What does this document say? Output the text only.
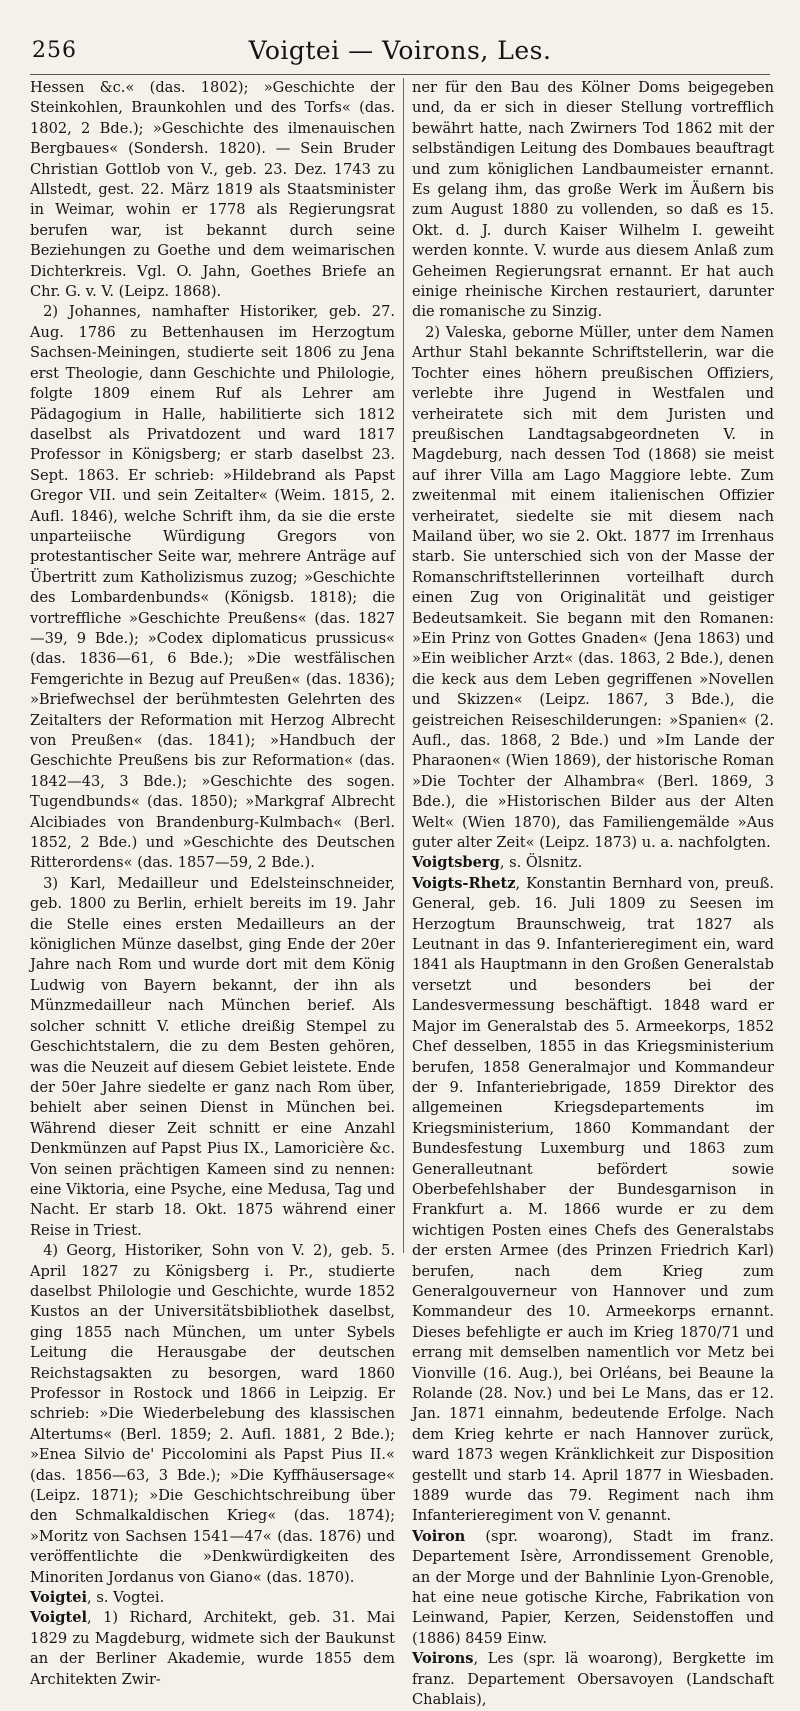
256	Voigtei — Voirons, Les.

Hessen &c.« (das. 1802); »Geschichte der Steinkohlen, Braunkohlen und des Torfs« (das. 1802, 2 Bde.); »Geschichte des ilmenauischen Bergbaues« (Sondersh. 1820). — Sein Bruder Christian Gottlob von V., geb. 23. Dez. 1743 zu Allstedt, gest. 22. März 1819 als Staatsminister in Weimar, wohin er 1778 als Regierungsrat berufen war, ist bekannt durch seine Beziehungen zu Goethe und dem weimarischen Dichterkreis. Vgl. O. Jahn, Goethes Briefe an Chr. G. v. V. (Leipz. 1868).

2) Johannes, namhafter Historiker, geb. 27. Aug. 1786 zu Bettenhausen im Herzogtum Sachsen-Meiningen, studierte seit 1806 zu Jena erst Theologie, dann Geschichte und Philologie, folgte 1809 einem Ruf als Lehrer am Pädagogium in Halle, habilitierte sich 1812 daselbst als Privatdozent und ward 1817 Professor in Königsberg; er starb daselbst 23. Sept. 1863. Er schrieb: »Hildebrand als Papst Gregor VII. und sein Zeitalter« (Weim. 1815, 2. Aufl. 1846), welche Schrift ihm, da sie die erste unparteiische Würdigung Gregors von protestantischer Seite war, mehrere Anträge auf Übertritt zum Katholizismus zuzog; »Geschichte des Lombardenbunds« (Königsb. 1818); die vortreffliche »Geschichte Preußens« (das. 1827—39, 9 Bde.); »Codex diplomaticus prussicus« (das. 1836—61, 6 Bde.); »Die westfälischen Femgerichte in Bezug auf Preußen« (das. 1836); »Briefwechsel der berühmtesten Gelehrten des Zeitalters der Reformation mit Herzog Albrecht von Preußen« (das. 1841); »Handbuch der Geschichte Preußens bis zur Reformation« (das. 1842—43, 3 Bde.); »Geschichte des sogen. Tugendbunds« (das. 1850); »Markgraf Albrecht Alcibiades von Brandenburg-Kulmbach« (Berl. 1852, 2 Bde.) und »Geschichte des Deutschen Ritterordens« (das. 1857—59, 2 Bde.).

3) Karl, Medailleur und Edelsteinschneider, geb. 1800 zu Berlin, erhielt bereits im 19. Jahr die Stelle eines ersten Medailleurs an der königlichen Münze daselbst, ging Ende der 20er Jahre nach Rom und wurde dort mit dem König Ludwig von Bayern bekannt, der ihn als Münzmedailleur nach München berief. Als solcher schnitt V. etliche dreißig Stempel zu Geschichtstalern, die zu dem Besten gehören, was die Neuzeit auf diesem Gebiet leistete. Ende der 50er Jahre siedelte er ganz nach Rom über, behielt aber seinen Dienst in München bei. Während dieser Zeit schnitt er eine Anzahl Denkmünzen auf Papst Pius IX., Lamoricière &c. Von seinen prächtigen Kameen sind zu nennen: eine Viktoria, eine Psyche, eine Medusa, Tag und Nacht. Er starb 18. Okt. 1875 während einer Reise in Triest.

4) Georg, Historiker, Sohn von V. 2), geb. 5. April 1827 zu Königsberg i. Pr., studierte daselbst Philologie und Geschichte, wurde 1852 Kustos an der Universitätsbibliothek daselbst, ging 1855 nach München, um unter Sybels Leitung die Herausgabe der deutschen Reichstagsakten zu besorgen, ward 1860 Professor in Rostock und 1866 in Leipzig. Er schrieb: »Die Wiederbelebung des klassischen Altertums« (Berl. 1859; 2. Aufl. 1881, 2 Bde.); »Enea Silvio de' Piccolomini als Papst Pius II.« (das. 1856—63, 3 Bde.); »Die Kyffhäusersage« (Leipz. 1871); »Die Geschichtschreibung über den Schmalkaldischen Krieg« (das. 1874); »Moritz von Sachsen 1541—47« (das. 1876) und veröffentlichte die »Denkwürdigkeiten des Minoriten Jordanus von Giano« (das. 1870).

Voigtei, s. Vogtei.

Voigtel, 1) Richard, Architekt, geb. 31. Mai 1829 zu Magdeburg, widmete sich der Baukunst an der Berliner Akademie, wurde 1855 dem Architekten Zwir-

ner für den Bau des Kölner Doms beigegeben und, da er sich in dieser Stellung vortrefflich bewährt hatte, nach Zwirners Tod 1862 mit der selbständigen Leitung des Dombaues beauftragt und zum königlichen Landbaumeister ernannt. Es gelang ihm, das große Werk im Äußern bis zum August 1880 zu vollenden, so daß es 15. Okt. d. J. durch Kaiser Wilhelm I. geweiht werden konnte. V. wurde aus diesem Anlaß zum Geheimen Regierungsrat ernannt. Er hat auch einige rheinische Kirchen restauriert, darunter die romanische zu Sinzig.

2) Valeska, geborne Müller, unter dem Namen Arthur Stahl bekannte Schriftstellerin, war die Tochter eines höhern preußischen Offiziers, verlebte ihre Jugend in Westfalen und verheiratete sich mit dem Juristen und preußischen Landtagsabgeordneten V. in Magdeburg, nach dessen Tod (1868) sie meist auf ihrer Villa am Lago Maggiore lebte. Zum zweitenmal mit einem italienischen Offizier verheiratet, siedelte sie mit diesem nach Mailand über, wo sie 2. Okt. 1877 im Irrenhaus starb. Sie unterschied sich von der Masse der Romanschriftstellerinnen vorteilhaft durch einen Zug von Originalität und geistiger Bedeutsamkeit. Sie begann mit den Romanen: »Ein Prinz von Gottes Gnaden« (Jena 1863) und »Ein weiblicher Arzt« (das. 1863, 2 Bde.), denen die keck aus dem Leben gegriffenen »Novellen und Skizzen« (Leipz. 1867, 3 Bde.), die geistreichen Reiseschilderungen: »Spanien« (2. Aufl., das. 1868, 2 Bde.) und »Im Lande der Pharaonen« (Wien 1869), der historische Roman »Die Tochter der Alhambra« (Berl. 1869, 3 Bde.), die »Historischen Bilder aus der Alten Welt« (Wien 1870), das Familiengemälde »Aus guter alter Zeit« (Leipz. 1873) u. a. nachfolgten.

Voigtsberg, s. Ölsnitz.

Voigts-Rhetz, Konstantin Bernhard von, preuß. General, geb. 16. Juli 1809 zu Seesen im Herzogtum Braunschweig, trat 1827 als Leutnant in das 9. Infanterieregiment ein, ward 1841 als Hauptmann in den Großen Generalstab versetzt und besonders bei der Landesvermessung beschäftigt. 1848 ward er Major im Generalstab des 5. Armeekorps, 1852 Chef desselben, 1855 in das Kriegsministerium berufen, 1858 Generalmajor und Kommandeur der 9. Infanteriebrigade, 1859 Direktor des allgemeinen Kriegsdepartements im Kriegsministerium, 1860 Kommandant der Bundesfestung Luxemburg und 1863 zum Generalleutnant befördert sowie Oberbefehlshaber der Bundesgarnison in Frankfurt a. M. 1866 wurde er zu dem wichtigen Posten eines Chefs des Generalstabs der ersten Armee (des Prinzen Friedrich Karl) berufen, nach dem Krieg zum Generalgouverneur von Hannover und zum Kommandeur des 10. Armeekorps ernannt. Dieses befehligte er auch im Krieg 1870/71 und errang mit demselben namentlich vor Metz bei Vionville (16. Aug.), bei Orléans, bei Beaune la Rolande (28. Nov.) und bei Le Mans, das er 12. Jan. 1871 einnahm, bedeutende Erfolge. Nach dem Krieg kehrte er nach Hannover zurück, ward 1873 wegen Kränklichkeit zur Disposition gestellt und starb 14. April 1877 in Wiesbaden. 1889 wurde das 79. Regiment nach ihm Infanterieregiment von V. genannt.

Voiron (spr. woarong), Stadt im franz. Departement Isère, Arrondissement Grenoble, an der Morge und der Bahnlinie Lyon-Grenoble, hat eine neue gotische Kirche, Fabrikation von Leinwand, Papier, Kerzen, Seidenstoffen und (1886) 8459 Einw.

Voirons, Les (spr. lä woarong), Bergkette im franz. Departement Obersavoyen (Landschaft Chablais),
